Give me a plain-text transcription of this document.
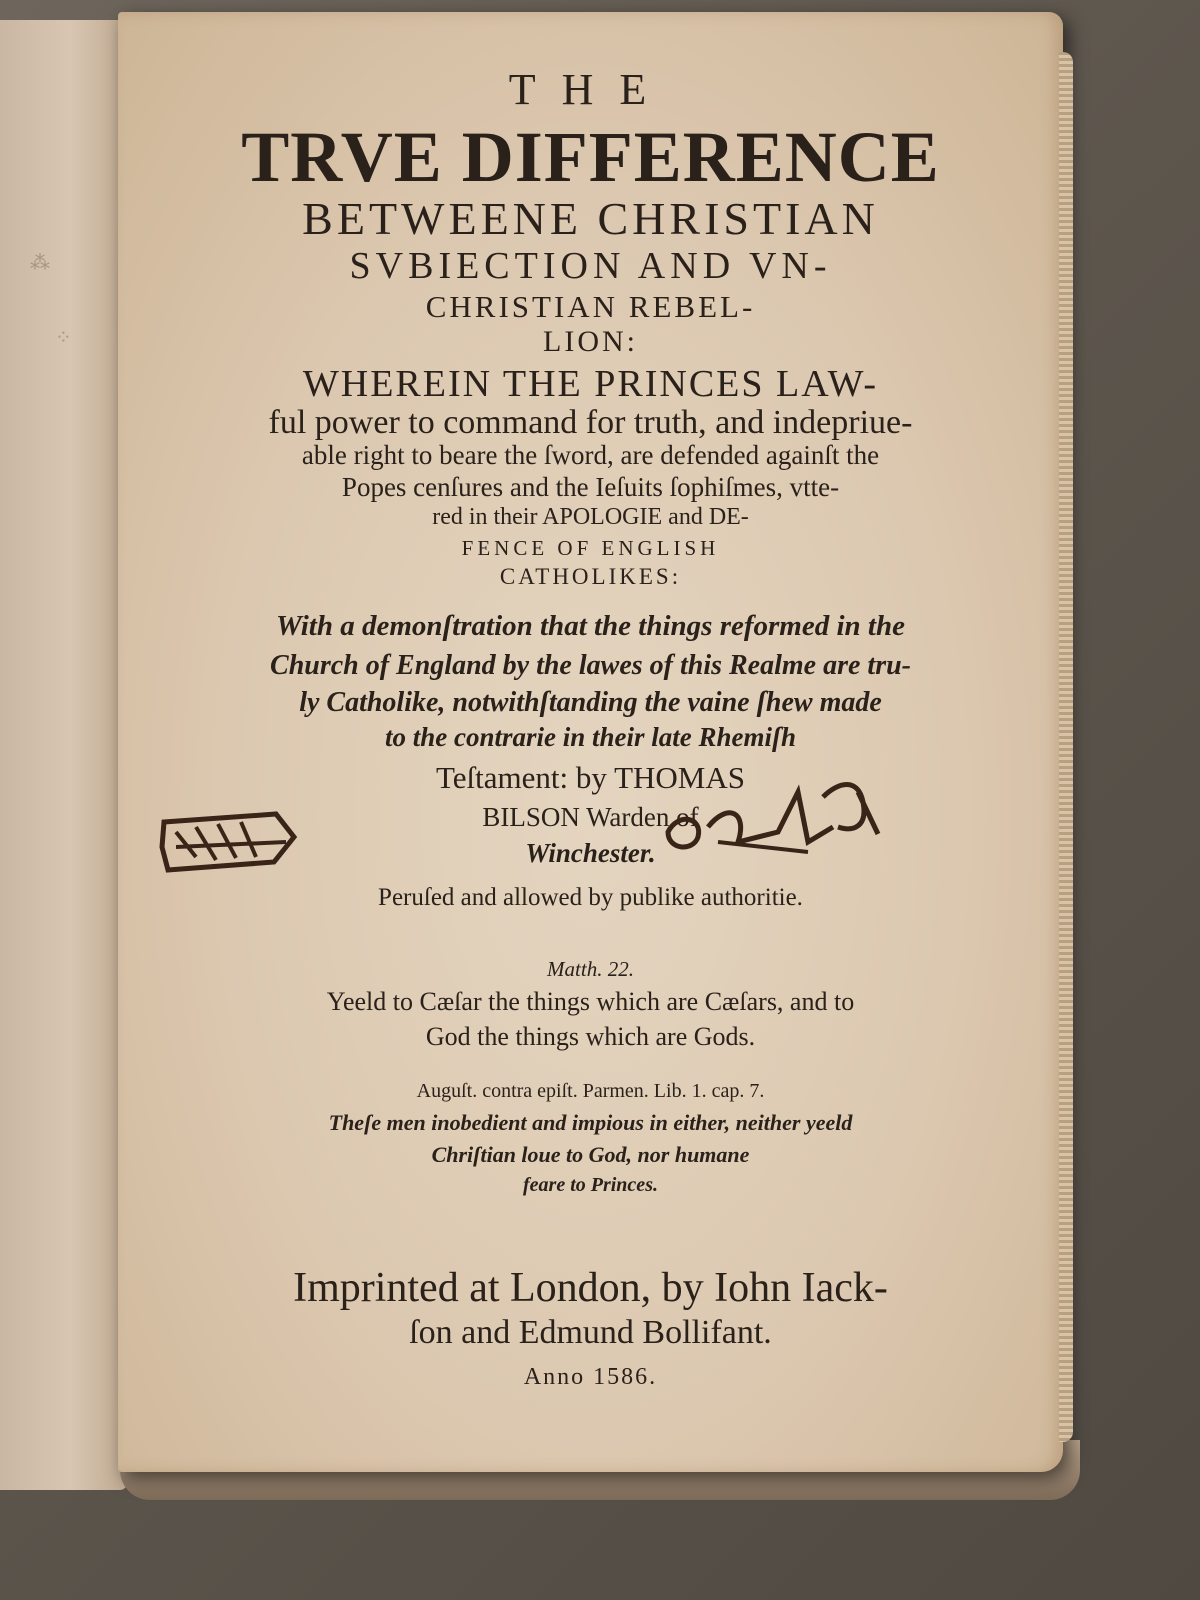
⁂
⁘
THE
TRVE DIFFERENCE
BETWEENE CHRISTIAN
SVBIECTION AND VN-
CHRISTIAN REBEL-
LION:
WHEREIN THE PRINCES LAW-
ful power to command for truth, and indepriue-
able right to beare the ſword, are defended againſt the
Popes cenſures and the Ieſuits ſophiſmes, vtte-
red in their APOLOGIE and DE-
FENCE OF ENGLISH
CATHOLIKES:
With a demonſtration that the things reformed in the
Church of England by the lawes of this Realme are tru-
ly Catholike, notwithſtanding the vaine ſhew made
to the contrarie in their late Rhemiſh
Teſtament: by THOMAS
BILSON Warden of
Winchester.
Peruſed and allowed by publike authoritie.
Matth. 22.
Yeeld to Cæſar the things which are Cæſars, and to
God the things which are Gods.
Auguſt. contra epiſt. Parmen. Lib. 1. cap. 7.
Theſe men inobedient and impious in either, neither yeeld
Chriſtian loue to God, nor humane
feare to Princes.
Imprinted at London, by Iohn Iack-
ſon and Edmund Bollifant.
Anno 1586.
